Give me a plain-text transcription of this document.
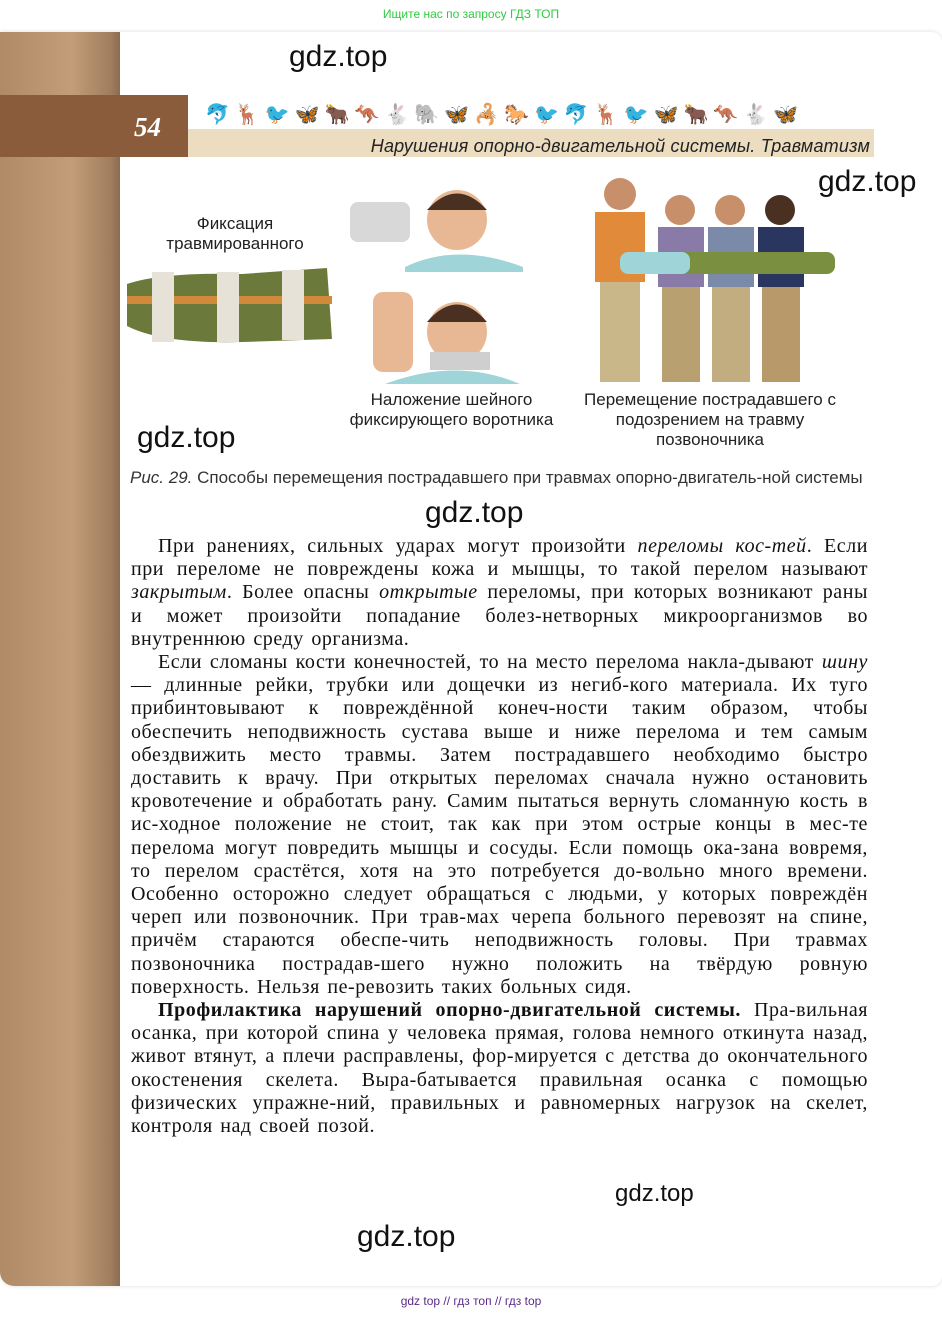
Ищите нас по запросу ГДЗ ТОП
54 🐬 🦌 🐦 🦋 🐂 🦘 🐇 🐘 🦋 🦂 🐎 🐦 🐬 🦌 🐦 🦋 🐂 🦘 🐇 🦋
Нарушения опорно-двигательной системы. Травматизм
gdz.top
gdz.top
gdz.top
gdz.top
gdz.top
gdz.top
Фиксация травмированного
Наложение шейного фиксирующего воротника
Перемещение пострадавшего с подозрением на травму позвоночника
Рис. 29. Способы перемещения пострадавшего при травмах опорно-двигатель-ной системы

При ранениях, сильных ударах могут произойти переломы кос-тей. Если при переломе не повреждены кожа и мышцы, то такой перелом называют закрытым. Более опасны открытые переломы, при которых возникают раны и может произойти попадание болез-нетворных микроорганизмов во внутреннюю среду организма.

Если сломаны кости конечностей, то на место перелома накла-дывают шину — длинные рейки, трубки или дощечки из негиб-кого материала. Их туго прибинтовывают к повреждённой конеч-ности таким образом, чтобы обеспечить неподвижность сустава выше и ниже перелома и тем самым обездвижить место травмы. Затем пострадавшего необходимо быстро доставить к врачу. При открытых переломах сначала нужно остановить кровотечение и обработать рану. Самим пытаться вернуть сломанную кость в ис-ходное положение не стоит, так как при этом острые концы в мес-те перелома могут повредить мышцы и сосуды. Если помощь ока-зана вовремя, то перелом срастётся, хотя на это потребуется до-вольно много времени. Особенно осторожно следует обращаться с людьми, у которых повреждён череп или позвоночник. При трав-мах черепа больного перевозят на спине, причём стараются обеспе-чить неподвижность головы. При травмах позвоночника пострадав-шего нужно положить на твёрдую ровную поверхность. Нельзя пе-ревозить таких больных сидя.

Профилактика нарушений опорно-двигательной системы. Пра-вильная осанка, при которой спина у человека прямая, голова немного откинута назад, живот втянут, а плечи расправлены, фор-мируется с детства до окончательного окостенения скелета. Выра-батывается правильная осанка с помощью физических упражне-ний, правильных и равномерных нагрузок на скелет, контроля над своей позой.

gdz top // гдз топ // гдз top
